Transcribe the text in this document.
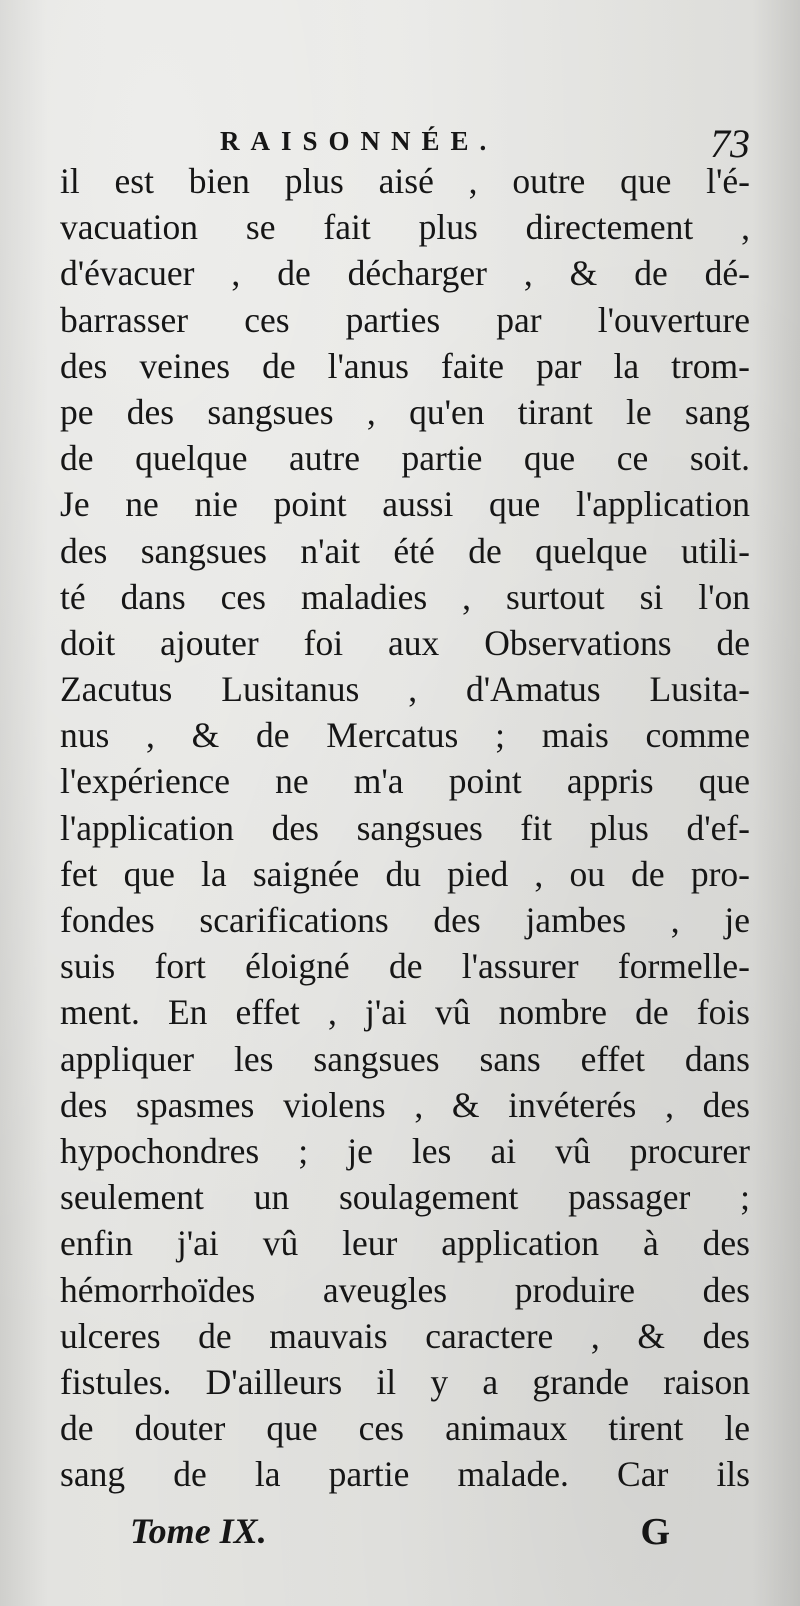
RAISONNÉE.	73
il est bien plus aisé , outre que l'é-
vacuation se fait plus directement ,
d'évacuer , de décharger , & de dé-
barrasser ces parties par l'ouverture
des veines de l'anus faite par la trom-
pe des sangsues , qu'en tirant le sang
de quelque autre partie que ce soit.
Je ne nie point aussi que l'application
des sangsues n'ait été de quelque utili-
té dans ces maladies , surtout si l'on
doit ajouter foi aux Observations de
Zacutus Lusitanus , d'Amatus Lusita-
nus , & de Mercatus ; mais comme
l'expérience ne m'a point appris que
l'application des sangsues fit plus d'ef-
fet que la saignée du pied , ou de pro-
fondes scarifications des jambes , je
suis fort éloigné de l'assurer formelle-
ment. En effet , j'ai vû nombre de fois
appliquer les sangsues sans effet dans
des spasmes violens , & invéterés , des
hypochondres ; je les ai vû procurer
seulement un soulagement passager ;
enfin j'ai vû leur application à des
hémorrhoïdes aveugles produire des
ulceres de mauvais caractere , & des
fistules. D'ailleurs il y a grande raison
de douter que ces animaux tirent le
sang de la partie malade. Car ils
Tome IX.	G
